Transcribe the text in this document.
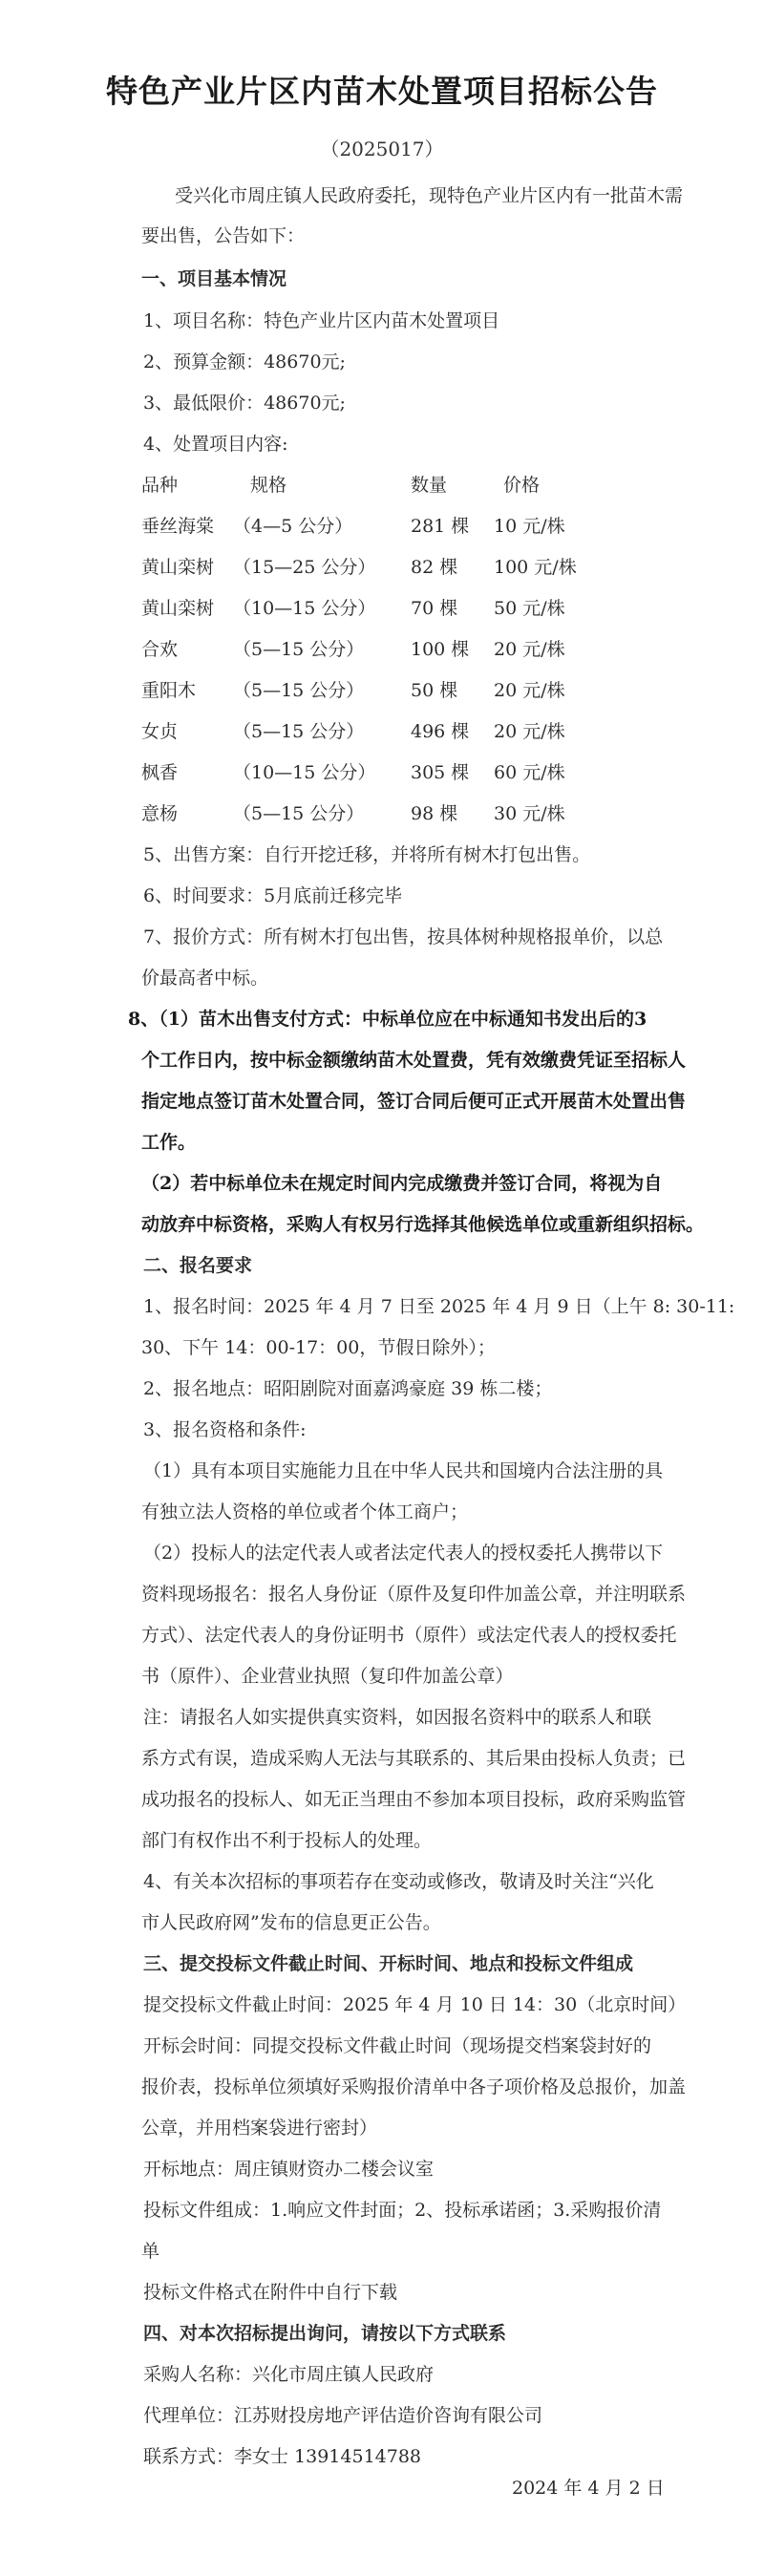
特色产业片区内苗木处置项目招标公告
（2025017）
受兴化市周庄镇人民政府委托，现特色产业片区内有一批苗木需
要出售，公告如下：
一、项目基本情况
1、项目名称：特色产业片区内苗木处置项目
2、预算金额：48670元;
3、最低限价：48670元;
4、处置项目内容:
品种	规格	数量	价格
垂丝海棠 （4—5 公分）	281 棵 10 元/株
黄山栾树 （15—25 公分） 82 棵 100 元/株
黄山栾树 （10—15 公分） 70 棵 50 元/株
合欢	（5—15 公分）	100 棵 20 元/株
重阳木 （5—15 公分）	50 棵 20 元/株
女贞	（5—15 公分）	496 棵 20 元/株
枫香	（10—15 公分） 305 棵 60 元/株
意杨	（5—15 公分）	98 棵 30 元/株
5、出售方案：自行开挖迁移，并将所有树木打包出售。
6、时间要求：5月底前迁移完毕
7、报价方式：所有树木打包出售，按具体树种规格报单价，以总
价最高者中标。
8、（1）苗木出售支付方式：中标单位应在中标通知书发出后的3
个工作日内，按中标金额缴纳苗木处置费，凭有效缴费凭证至招标人
指定地点签订苗木处置合同，签订合同后便可正式开展苗木处置出售
工作。
（2）若中标单位未在规定时间内完成缴费并签订合同，将视为自
动放弃中标资格，采购人有权另行选择其他候选单位或重新组织招标。
二、报名要求
1、报名时间：2025 年 4 月 7 日至 2025 年 4 月 9 日（上午 8: 30-11:
30、下午 14：00-17：00，节假日除外）；
2、报名地点：昭阳剧院对面嘉鸿豪庭 39 栋二楼；
3、报名资格和条件:
（1）具有本项目实施能力且在中华人民共和国境内合法注册的具
有独立法人资格的单位或者个体工商户；
（2）投标人的法定代表人或者法定代表人的授权委托人携带以下
资料现场报名：报名人身份证（原件及复印件加盖公章，并注明联系
方式）、法定代表人的身份证明书（原件）或法定代表人的授权委托
书（原件）、企业营业执照（复印件加盖公章）
注：请报名人如实提供真实资料，如因报名资料中的联系人和联
系方式有误，造成采购人无法与其联系的、其后果由投标人负责；已
成功报名的投标人、如无正当理由不参加本项目投标，政府采购监管
部门有权作出不利于投标人的处理。
4、有关本次招标的事项若存在变动或修改，敬请及时关注“兴化
市人民政府网”发布的信息更正公告。
三、提交投标文件截止时间、开标时间、地点和投标文件组成
提交投标文件截止时间：2025 年 4 月 10 日 14：30（北京时间）
开标会时间：同提交投标文件截止时间（现场提交档案袋封好的
报价表，投标单位须填好采购报价清单中各子项价格及总报价，加盖
公章，并用档案袋进行密封）
开标地点：周庄镇财资办二楼会议室
投标文件组成：1.响应文件封面；2、投标承诺函；3.采购报价清
单
投标文件格式在附件中自行下载
四、对本次招标提出询问，请按以下方式联系
采购人名称：兴化市周庄镇人民政府
代理单位：江苏财投房地产评估造价咨询有限公司
联系方式：李女士 13914514788
2024 年 4 月 2 日
